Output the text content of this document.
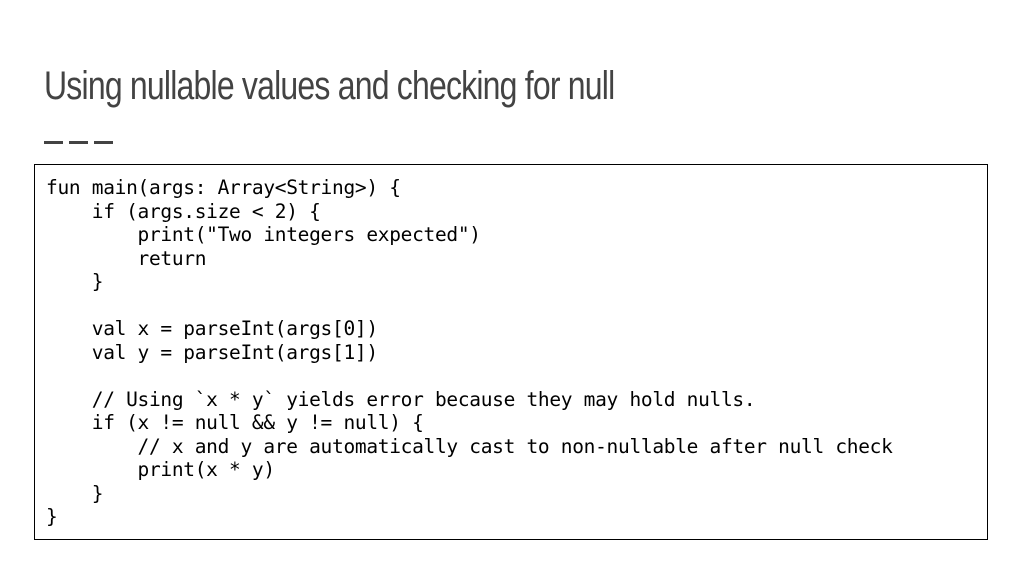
Using nullable values and checking for null
fun main(args: Array<String>) {
if (args.size < 2) {
print("Two integers expected")
return
}

val x = parseInt(args[0])
val y = parseInt(args[1])

// Using `x * y` yields error because they may hold nulls.
if (x != null && y != null) {
// x and y are automatically cast to non-nullable after null check
print(x * y)
}
}
